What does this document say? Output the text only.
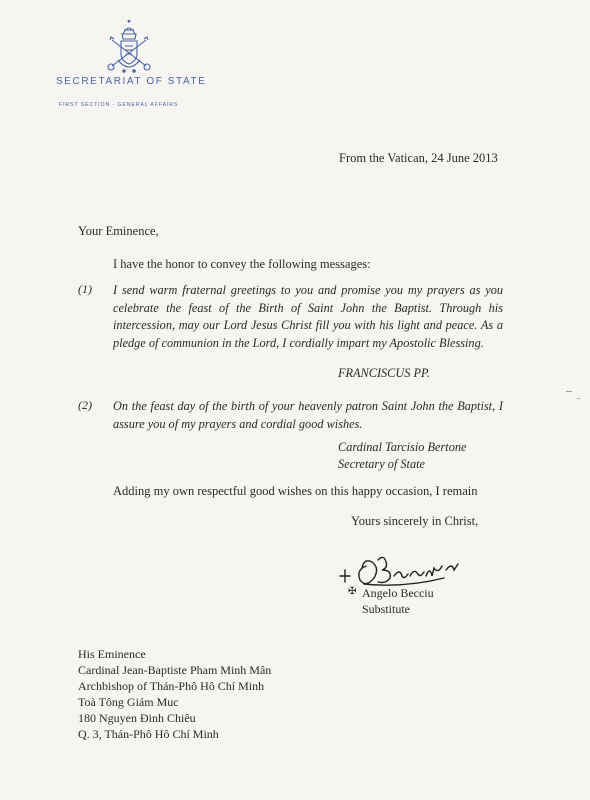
SECRETARIAT OF STATE
FIRST SECTION - GENERAL AFFAIRS
From the Vatican, 24 June 2013
Your Eminence,
I have the honor to convey the following messages:
(1) I send warm fraternal greetings to you and promise you my prayers as you celebrate the feast of the Birth of Saint John the Baptist. Through his intercession, may our Lord Jesus Christ fill you with his light and peace. As a pledge of communion in the Lord, I cordially impart my Apostolic Blessing.
FRANCISCUS PP.
(2) On the feast day of the birth of your heavenly patron Saint John the Baptist, I assure you of my prayers and cordial good wishes.
Cardinal Tarcisio Bertone
Secretary of State
Adding my own respectful good wishes on this happy occasion, I remain
Yours sincerely in Christ,
✠ Angelo Becciu
Substitute
His Eminence
Cardinal Jean-Baptiste Pham Minh Mân
Archbishop of Thán-Phô Hô Chí Minh
Toà Tông Giám Muc
180 Nguyen Ðinh Chiêu
Q. 3, Thán-Phô Hô Chí Minh
